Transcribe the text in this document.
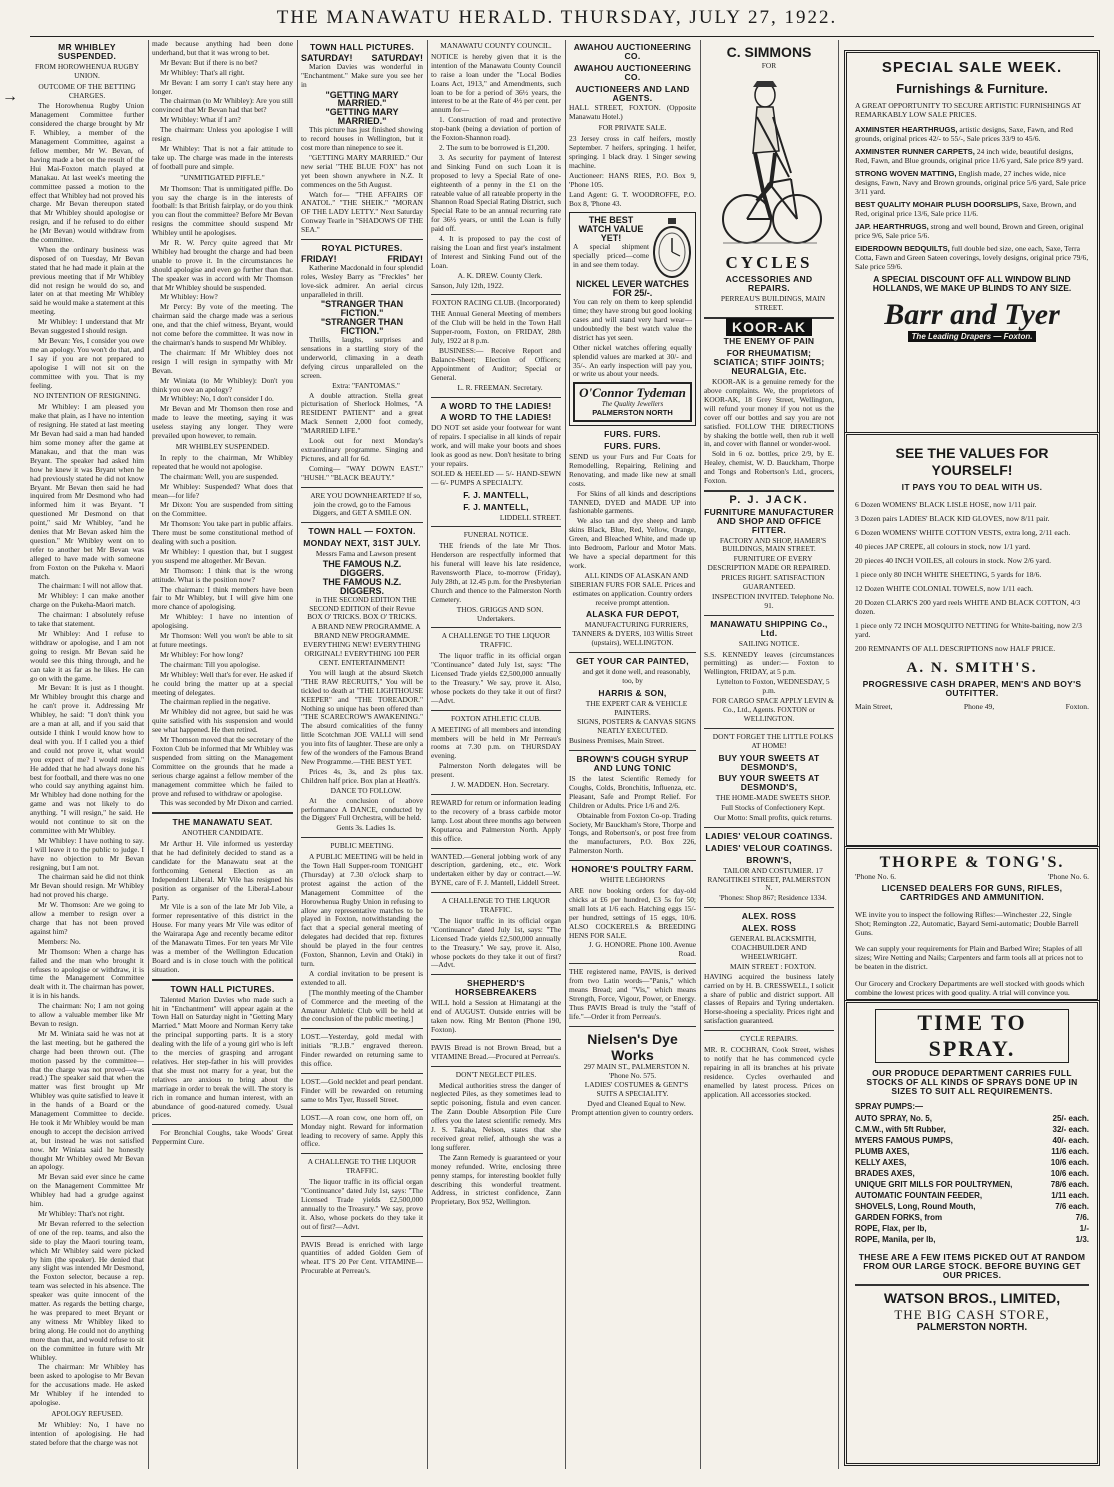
THE MANAWATU HERALD. THURSDAY, JULY 27, 1922.
→
MR WHIBLEY SUSPENDED.
FROM HOROWHENUA RUGBY UNION.
OUTCOME OF THE BETTING CHARGES.

The Horowhenua Rugby Union Management Committee further considered the charge brought by Mr F. Whibley, a member of the Management Committee, against a fellow member, Mr W. Bevan, of having made a bet on the result of the Hui Mai-Foxton match played at Manakau. At last week's meeting the committee passed a motion to the effect that Whibley had not proved his charge. Mr Bevan thereupon stated that Mr Whibley should apologise or resign, and if he refused to do either he (Mr Bevan) would withdraw from the committee.

When the ordinary business was disposed of on Tuesday, Mr Bevan stated that he had made it plain at the previous meeting that if Mr Whibley did not resign he would do so, and later on at that meeting Mr Whibley said he would make a statement at this meeting.

Mr Whibley: I understand that Mr Bevan suggested I should resign.

Mr Bevan: Yes, I consider you owe me an apology. You won't do that, and I say if you are not prepared to apologise I will not sit on the committee with you. That is my feeling.

NO INTENTION OF RESIGNING.

Mr Whibley: I am pleased you make that plain, as I have no intention of resigning. He stated at last meeting Mr Bevan had said a man had handed him some money after the game at Manakau, and that the man was Bryant. The speaker had asked him how he knew it was Bryant when he had previously stated he did not know Bryant. Mr Bevan then said he had inquired from Mr Desmond who had informed him it was Bryant. "I questioned Mr Desmond on that point," said Mr Whibley, "and he denies that Mr Bevan asked him the question." Mr Whibley went on to refer to another bet Mr Bevan was alleged to have made with someone from Foxton on the Pukeha v. Maori match.

The chairman: I will not allow that.

Mr Whibley: I can make another charge on the Pukeha-Maori match.

The chairman: I absolutely refuse to take that statement.

Mr Whibley: And I refuse to withdraw or apologise, and I am not going to resign. Mr Bevan said he would see this thing through, and he can take it as far as he likes. He can go on with the game.

Mr Bevan: It is just as I thought. Mr Whibley brought this charge and he can't prove it. Addressing Mr Whibley, he said: "I don't think you are a man at all, and if you said that outside I think I would know how to deal with you. If I called you a thief and could not prove it, what would you expect of me? I would resign." He added that he had always done his best for football, and there was no one who could say anything against him. Mr Whibley had done nothing for the game and was not likely to do anything. "I will resign," he said. He would not continue to sit on the committee with Mr Whibley.

Mr Whibley: I have nothing to say. I will leave it to the public to judge. I have no objection to Mr Bevan resigning, but I am not.

The chairman said he did not think Mr Bevan should resign. Mr Whibley had not proved his charge.

Mr W. Thomson: Are we going to allow a member to resign over a charge that has not been proved against him?

Members: No.

Mr Thomson: When a charge has failed and the man who brought it refuses to apologise or withdraw, it is time the Management Committee dealt with it. The chairman has power, it is in his hands.

The chairman: No; I am not going to allow a valuable member like Mr Bevan to resign.

Mr M. Winiata said he was not at the last meeting, but he gathered the charge had been thrown out. (The motion passed by the committee—that the charge was not proved—was read.) The speaker said that when the matter was first brought up Mr Whibley was quite satisfied to leave it in the hands of a Board or the Management Committee to decide. He took it Mr Whibley would be man enough to accept the decision arrived at, but instead he was not satisfied now. Mr Winiata said he honestly thought Mr Whibley owed Mr Bevan an apology.

Mr Bevan said ever since he came on the Management Committee Mr Whibley had had a grudge against him.

Mr Whibley: That's not right.

Mr Bevan referred to the selection of one of the rep. teams, and also the side to play the Maori touring team, which Mr Whibley said were picked by him (the speaker). He denied that any slight was intended Mr Desmond, the Foxton selector, because a rep. team was selected in his absence. The speaker was quite innocent of the matter. As regards the betting charge, he was prepared to meet Bryant or any witness Mr Whibley liked to bring along. He could not do anything more than that, and would refuse to sit on the committee in future with Mr Whibley.

The chairman: Mr Whibley has been asked to apologise to Mr Bevan for the accusations made. He asked Mr Whibley if he intended to apologise.

APOLOGY REFUSED.

Mr Whibley: No, I have no intention of apologising. He had stated before that the charge was not

made because anything had been done underhand, but that it was wrong to bet.

Mr Bevan: But if there is no bet?

Mr Whibley: That's all right.

Mr Bevan: I am sorry I can't stay here any longer.

The chairman (to Mr Whibley): Are you still convinced that Mr Bevan had that bet?

Mr Whibley: What if I am?

The chairman: Unless you apologise I will resign.

Mr Whibley: That is not a fair attitude to take up. The charge was made in the interests of football pure and simple.

"UNMITIGATED PIFFLE."

Mr Thomson: That is unmitigated piffle. Do you say the charge is in the interests of football: Is that British fairplay, or do you think you can flout the committee? Before Mr Bevan resigns the committee should suspend Mr Whibley until he apologises.

Mr R. W. Percy quite agreed that Mr Whibley had brought the charge and had been unable to prove it. In the circumstances he should apologise and even go further than that. The speaker was in accord with Mr Thomson that Mr Whibley should be suspended.

Mr Whibley: How?

Mr Percy: By vote of the meeting. The chairman said the charge made was a serious one, and that the chief witness, Bryant, would not come before the committee. It was now in the chairman's hands to suspend Mr Whibley.

The chairman: If Mr Whibley does not resign I will resign in sympathy with Mr Bevan.

Mr Winiata (to Mr Whibley): Don't you think you owe an apology?

Mr Whibley: No, I don't consider I do.

Mr Bevan and Mr Thomson then rose and made to leave the meeting, saying it was useless staying any longer. They were prevailed upon however, to remain.

MR WHIBLEY SUSPENDED.

In reply to the chairman, Mr Whibley repeated that he would not apologise.

The chairman: Well, you are suspended.

Mr Whibley: Suspended? What does that mean—for life?

Mr Dixon: You are suspended from sitting on the Committee.

Mr Thomson: You take part in public affairs. There must be some constitutional method of dealing with such a position.

Mr Whibley: I question that, but I suggest you suspend me altogether. Mr Bevan.

Mr Thomson: I think that is the wrong attitude. What is the position now?

The chairman: I think members have been fair to Mr Whibley, but I will give him one more chance of apologising.

Mr Whibley: I have no intention of apologising.

Mr Thomson: Well you won't be able to sit at future meetings.

Mr Whibley: For how long?

The chairman: Till you apologise.

Mr Whibley: Well that's for ever. He asked if he could bring the matter up at a special meeting of delegates.

The chairman replied in the negative.

Mr Whibley did not agree, but said he was quite satisfied with his suspension and would see what happened. He then retired.

Mr Thomson moved that the secretary of the Foxton Club be informed that Mr Whibley was suspended from sitting on the Management Committee on the grounds that he made a serious charge against a fellow member of the management committee which he failed to prove and refused to withdraw or apologise.

This was seconded by Mr Dixon and carried.

THE MANAWATU SEAT.
ANOTHER CANDIDATE.

Mr Arthur H. Vile informed us yesterday that he had definitely decided to stand as a candidate for the Manawatu seat at the forthcoming General Election as an Independent Liberal. Mr Vile has resigned his position as organiser of the Liberal-Labour Party.

Mr Vile is a son of the late Mr Job Vile, a former representative of this district in the House. For many years Mr Vile was editor of the Wairarapa Age and recently became editor of the Manawatu Times. For ten years Mr Vile was a member of the Wellington Education Board and is in close touch with the political situation.

TOWN HALL PICTURES.

Talented Marion Davies who made such a hit in "Enchantment" will appear again at the Town Hall on Saturday night in "Getting Mary Married." Matt Moore and Norman Kerry take the principal supporting parts. It is a story dealing with the life of a young girl who is left to the mercies of grasping and arrogant relatives. Her step-father in his will provides that she must not marry for a year, but the relatives are anxious to bring about the marriage in order to break the will. The story is rich in romance and human interest, with an abundance of good-natured comedy. Usual prices.

For Bronchial Coughs, take Woods' Great Peppermint Cure.

TOWN HALL PICTURES.
SATURDAY! SATURDAY!

Marion Davies was wonderful in "Enchantment." Make sure you see her in

"GETTING MARY MARRIED."
"GETTING MARY MARRIED."

This picture has just finished showing to record houses in Wellington, but it cost more than ninepence to see it.

"GETTING MARY MARRIED." Our new serial "THE BLUE FOX" has not yet been shown anywhere in N.Z. It commences on the 5th August.

Watch for— "THE AFFAIRS OF ANATOL." "THE SHEIK." "MORAN OF THE LADY LETTY." Next Saturday Conway Tearle in "SHADOWS OF THE SEA."

ROYAL PICTURES.
FRIDAY!	FRIDAY!

Katherine Macdonald in four splendid roles, Wesley Barry as "Freckles" her love-sick admirer. An aerial circus unparalleled in thrill.

"STRANGER THAN FICTION."
"STRANGER THAN FICTION."

Thrills, laughs, surprises and sensations in a startling story of the underworld, climaxing in a death defying circus unparalleled on the screen.

Extra: "FANTOMAS."

A double attraction. Stella great picturisation of Sherlock Holmes, "A RESIDENT PATIENT" and a great Mack Sennett 2,000 foot comedy, "MARRIED LIFE."

Look out for next Monday's extraordinary programme. Singing and Pictures, and all for 6d.

Coming— "WAY DOWN EAST." "HUSH." "BLACK BEAUTY."

ARE YOU DOWNHEARTED? If so, join the crowd, go to the Famous Diggers, and GET A SMILE ON.

TOWN HALL — FOXTON.
MONDAY NEXT, 31ST JULY.

Messrs Fama and Lawson present

THE FAMOUS N.Z. DIGGERS.
THE FAMOUS N.Z. DIGGERS.

in THE SECOND EDITION THE SECOND EDITION of their Revue BOX O' TRICKS. BOX O' TRICKS.

A BRAND NEW PROGRAMME. A BRAND NEW PROGRAMME. EVERYTHING NEW! EVERYTHING ORIGINAL! EVERYTHING 100 PER CENT. ENTERTAINMENT!

You will laugh at the absurd Sketch "THE RAW RECRUITS," You will be tickled to death at "THE LIGHTHOUSE KEEPER" and "THE TOREADOR." Nothing so unique has been offered than "THE SCARECROW'S AWAKENING." The absurd comicalities of the funny little Scotchman JOE VALLI will send you into fits of laughter. These are only a few of the wonders of the Famous Brand New Programme.—THE BEST YET.

Prices 4s, 3s, and 2s plus tax. Children half price. Box plan at Heath's.

DANCE TO FOLLOW.

At the conclusion of above performance A DANCE, conducted by the Diggers' Full Orchestra, will be held.

Gents 3s. Ladies 1s.

PUBLIC MEETING.

A PUBLIC MEETING will be held in the Town Hall Supper-room TONIGHT (Thursday) at 7.30 o'clock sharp to protest against the action of the Management Committee of the Horowhenua Rugby Union in refusing to allow any representative matches to be played in Foxton, notwithstanding the fact that a special general meeting of delegates had decided that rep. fixtures should be played in the four centres (Foxton, Shannon, Levin and Otaki) in turn.

A cordial invitation to be present is extended to all.

[The monthly meeting of the Chamber of Commerce and the meeting of the Amateur Athletic Club will be held at the conclusion of the public meeting.]

LOST.—Yesterday, gold medal with initials "R.J.B." engraved thereon. Finder rewarded on returning same to this office.

LOST.—Gold necklet and pearl pendant. Finder will be rewarded on returning same to Mrs Tyer, Russell Street.

LOST.—A roan cow, one horn off, on Monday night. Reward for information leading to recovery of same. Apply this office.

A CHALLENGE TO THE LIQUOR TRAFFIC.

The liquor traffic in its official organ "Continuance" dated July 1st, says: "The Licensed Trade yields £2,500,000 annually to the Treasury." We say, prove it. Also, whose pockets do they take it out of first?—Advt.

PAVIS Bread is enriched with large quantities of added Golden Gem of wheat. IT'S 20 Per Cent. VITAMINE—Procurable at Perreau's.

MANAWATU COUNTY COUNCIL.

NOTICE is hereby given that it is the intention of the Manawatu County Council to raise a loan under the "Local Bodies Loans Act, 1913," and Amendments, such loan to be for a period of 36½ years, the interest to be at the Rate of 4½ per cent. per annum for—

1. Construction of road and protective stop-bank (being a deviation of portion of the Foxton-Shannon road).

2. The sum to be borrowed is £1,200.

3. As security for payment of Interest and Sinking Fund on such Loan it is proposed to levy a Special Rate of one-eighteenth of a penny in the £1 on the rateable value of all rateable property in the Shannon Road Special Rating District, such Special Rate to be an annual recurring rate for 36½ years, or until the Loan is fully paid off.

4. It is proposed to pay the cost of raising the Loan and first year's instalment of Interest and Sinking Fund out of the Loan.

A. K. DREW. County Clerk.

Sanson, July 12th, 1922.

FOXTON RACING CLUB. (Incorporated)

THE Annual General Meeting of members of the Club will be held in the Town Hall Supper-room, Foxton, on FRIDAY, 28th July, 1922 at 8 p.m.

BUSINESS:— Receive Report and Balance-Sheet; Election of Officers; Appointment of Auditor; Special or General.

L. R. FREEMAN. Secretary.

A WORD TO THE LADIES!
A WORD TO THE LADIES!

DO NOT set aside your footwear for want of repairs. I specialise in all kinds of repair work, and will make your boots and shoes look as good as new. Don't hesitate to bring your repairs.

SOLED & HEELED — 5/- HAND-SEWN — 6/- PUMPS A SPECIALTY.

F. J. MANTELL,
F. J. MANTELL,

LIDDELL STREET.

FUNERAL NOTICE.

THE friends of the late Mr Thos. Henderson are respectfully informed that his funeral will leave his late residence, Ravensworth Place, to-morrow (Friday), July 28th, at 12.45 p.m. for the Presbyterian Church and thence to the Palmerston North Cemetery.

THOS. GRIGGS AND SON. Undertakers.

A CHALLENGE TO THE LIQUOR TRAFFIC.

The liquor traffic in its official organ "Continuance" dated July 1st, says: "The Licensed Trade yields £2,500,000 annually to the Treasury." We say, prove it. Also, whose pockets do they take it out of first?—Advt.

FOXTON ATHLETIC CLUB.

A MEETING of all members and intending members will be held in Mr Perreau's rooms at 7.30 p.m. on THURSDAY evening.

Palmerston North delegates will be present.

J. W. MADDEN. Hon. Secretary.

REWARD for return or information leading to the recovery of a brass carbide motor lamp. Lost about three months ago between Koputaroa and Palmerston North. Apply this office.

WANTED.—General jobbing work of any description, gardening, etc., etc. Work undertaken either by day or contract.—W. BYNE, care of F. J. Mantell, Liddell Street.

A CHALLENGE TO THE LIQUOR TRAFFIC.

The liquor traffic in its official organ "Continuance" dated July 1st, says: "The Licensed Trade yields £2,500,000 annually to the Treasury." We say, prove it. Also, whose pockets do they take it out of first?—Advt.

SHEPHERD'S HORSEBREAKERS

WILL hold a Session at Himatangi at the end of AUGUST. Outside entries will be taken now. Ring Mr Benton (Phone 190, Foxton).

PAVIS Bread is not Brown Bread, but a VITAMINE Bread.—Procured at Perreau's.

DON'T NEGLECT PILES.

Medical authorities stress the danger of neglected Piles, as they sometimes lead to septic poisoning, fistula and even cancer. The Zann Double Absorption Pile Cure offers you the latest scientific remedy. Mrs J. S. Takaha, Nelson, states that she received great relief, although she was a long sufferer.

The Zann Remedy is guaranteed or your money refunded. Write, enclosing three penny stamps, for interesting booklet fully describing this wonderful treatment. Address, in strictest confidence, Zann Proprietary, Box 952, Wellington.

AWAHOU AUCTIONEERING CO.
AWAHOU AUCTIONEERING CO.
AUCTIONEERS AND LAND AGENTS.

HALL STREET, FOXTON. (Opposite Manawatu Hotel.)

FOR PRIVATE SALE.

23 Jersey cross in calf heifers, mostly September. 7 heifers, springing. 1 heifer, springing. 1 black dray. 1 Singer sewing machine.

Auctioneer: HANS RIES, P.O. Box 9, 'Phone 105.

Land Agent: G. T. WOODROFFE, P.O. Box 8, 'Phone 43.

THE BEST WATCH VALUE YET!

A special shipment specially priced—come in and see them today.

NICKEL LEVER WATCHES FOR 25/-.

You can rely on them to keep splendid time; they have strong but good looking cases and will stand very hard wear—undoubtedly the best watch value the district has yet seen.

Other nickel watches offering equally splendid values are marked at 30/- and 35/-. An early inspection will pay you, or write us about your needs.

O'Connor Tydeman
The Quality Jewellers
PALMERSTON NORTH
FURS. FURS.
FURS. FURS.

SEND us your Furs and Fur Coats for Remodelling, Repairing, Relining and Renovating, and made like new at small costs.

For Skins of all kinds and descriptions TANNED, DYED and MADE UP into fashionable garments.

We also tan and dye sheep and lamb skins Black, Blue, Red, Yellow, Orange, Green, and Bleached White, and made up into Bedroom, Parlour and Motor Mats. We have a special department for this work.

ALL KINDS OF ALASKAN AND SIBERIAN FURS FOR SALE. Prices and estimates on application. Country orders receive prompt attention.

ALASKA FUR DEPOT,

MANUFACTURING FURRIERS, TANNERS & DYERS, 103 Willis Street (upstairs), WELLINGTON.

GET YOUR CAR PAINTED,

and get it done well, and reasonably, too, by

HARRIS & SON,

THE EXPERT CAR & VEHICLE PAINTERS.

SIGNS, POSTERS & CANVAS SIGNS NEATLY EXECUTED.

Business Premises, Main Street.

BROWN'S COUGH SYRUP AND LUNG TONIC

IS the latest Scientific Remedy for Coughs, Colds, Bronchitis, Influenza, etc. Pleasant, Safe and Prompt Relief. For Children or Adults. Price 1/6 and 2/6.

Obtainable from Foxton Co-op. Trading Society, Mr Bauckham's Store, Thorpe and Tongs, and Robertson's, or post free from the manufacturers, P.O. Box 226, Palmerston North.

HONORE'S POULTRY FARM.
WHITE LEGHORNS

ARE now booking orders for day-old chicks at £6 per hundred, £3 5s for 50; small lots at 1/6 each. Hatching eggs 15/- per hundred, settings of 15 eggs, 10/6. ALSO COCKERELS & BREEDING HENS FOR SALE.

J. G. HONORE. Phone 100. Avenue Road.

THE registered name, PAVIS, is derived from two Latin words—"Panis," which means Bread; and "Vis," which means Strength, Force, Vigour, Power, or Energy. Thus PAVIS Bread is truly the "staff of life."—Order it from Perreau's.

Nielsen's Dye Works

297 MAIN ST., PALMERSTON N. 'Phone No. 575.

LADIES' COSTUMES & GENT'S SUITS A SPECIALITY.

Dyed and Cleaned Equal to New. Prompt attention given to country orders.

C. SIMMONS
FOR
CYCLES
ACCESSORIES AND REPAIRS.

PERREAU'S BUILDINGS, MAIN STREET.

KOOR-AK
THE ENEMY OF PAIN
FOR RHEUMATISM; SCIATICA; STIFF JOINTS; NEURALGIA, Etc.

KOOR-AK is a genuine remedy for the above complaints. We, the proprietors of KOOR-AK, 18 Grey Street, Wellington, will refund your money if you not us the cover off our bottles and say you are not satisfied. FOLLOW THE DIRECTIONS by shaking the bottle well, then rub it well in, and cover with flannel or wonder-wool.

Sold in 6 oz. bottles, price 2/9, by E. Healey, chemist, W. D. Bauckham, Thorpe and Tongs and Robertson's Ltd., grocers, Foxton.

P. J. JACK.
FURNITURE MANUFACTURER AND SHOP AND OFFICE FITTER.

FACTORY AND SHOP, HAMER'S BUILDINGS, MAIN STREET.

FURNITURE OF EVERY DESCRIPTION MADE OR REPAIRED.

PRICES RIGHT. SATISFACTION GUARANTEED.

INSPECTION INVITED. Telephone No. 91.

MANAWATU SHIPPING Co., Ltd.
SAILING NOTICE.

S.S. KENNEDY leaves (circumstances permitting) as under:— Foxton to Wellington, FRIDAY, at 5 p.m.

Lyttelton to Foxton, WEDNESDAY, 5 p.m.

FOR CARGO SPACE APPLY LEVIN & Co., Ltd., Agents. FOXTON or WELLINGTON.

DON'T FORGET THE LITTLE FOLKS AT HOME!

BUY YOUR SWEETS AT DESMOND'S,
BUY YOUR SWEETS AT DESMOND'S,

THE HOME-MADE SWEETS SHOP.

Full Stocks of Confectionery Kept.

Our Motto: Small profits, quick returns.

LADIES' VELOUR COATINGS.
LADIES' VELOUR COATINGS.
BROWN'S,

TAILOR AND COSTUMIER. 17 RANGITIKEI STREET, PALMERSTON N.

'Phones: Shop 867; Residence 1334.

ALEX. ROSS
ALEX. ROSS

GENERAL BLACKSMITH, COACHBUILDER AND WHEELWRIGHT.

MAIN STREET : FOXTON.

HAVING acquired the business lately carried on by H. B. CRESSWELL, I solicit a share of public and district support. All classes of Repairs and Tyring undertaken. Horse-shoeing a speciality. Prices right and satisfaction guaranteed.

CYCLE REPAIRS.

MR. R. COCHRAN, Cook Street, wishes to notify that he has commenced cycle repairing in all its branches at his private residence. Cycles overhauled and enamelled by latest process. Prices on application. All accessories stocked.

SPECIAL SALE WEEK.
Furnishings & Furniture.

A GREAT OPPORTUNITY TO SECURE ARTISTIC FURNISHINGS AT REMARKABLY LOW SALE PRICES.

AXMINSTER HEARTHRUGS, artistic designs, Saxe, Fawn, and Red grounds, original prices 42/- to 55/-, Sale prices 33/9 to 45/6.

AXMINSTER RUNNER CARPETS, 24 inch wide, beautiful designs, Red, Fawn, and Blue grounds, original price 11/6 yard, Sale price 8/9 yard.

STRONG WOVEN MATTING, English made, 27 inches wide, nice designs, Fawn, Navy and Brown grounds, original price 5/6 yard, Sale price 3/11 yard.

BEST QUALITY MOHAIR PLUSH DOORSLIPS, Saxe, Brown, and Red, original price 13/6, Sale price 11/6.

JAP. HEARTHRUGS, strong and well bound, Brown and Green, original price 9/6, Sale price 5/6.

EIDERDOWN BEDQUILTS, full double bed size, one each, Saxe, Terra Cotta, Fawn and Green Sateen coverings, lovely designs, original price 79/6, Sale price 59/6.

A SPECIAL DISCOUNT OFF ALL WINDOW BLIND HOLLANDS, WE MAKE UP BLINDS TO ANY SIZE.
Barr and Tyer
The Leading Drapers — Foxton.
SEE THE VALUES FOR YOURSELF!
IT PAYS YOU TO DEAL WITH US.

6 Dozen WOMENS' BLACK LISLE HOSE, now 1/11 pair.

3 Dozen pairs LADIES' BLACK KID GLOVES, now 8/11 pair.

6 Dozen WOMENS' WHITE COTTON VESTS, extra long, 2/11 each.

40 pieces JAP CREPE, all colours in stock, now 1/1 yard.

20 pieces 40 INCH VOILES, all colours in stock. Now 2/6 yard.

1 piece only 80 INCH WHITE SHEETING, 5 yards for 18/6.

12 Dozen WHITE COLONIAL TOWELS, now 1/11 each.

20 Dozen CLARK'S 200 yard reels WHITE AND BLACK COTTON, 4/3 dozen.

1 piece only 72 INCH MOSQUITO NETTING for White-baiting, now 2/3 yard.

200 REMNANTS OF ALL DESCRIPTIONS now HALF PRICE.

A. N. SMITH'S.
PROGRESSIVE CASH DRAPER, MEN'S AND BOY'S OUTFITTER.
Main Street,	Phone 49,	Foxton.
THORPE & TONG'S.
'Phone No. 6.	'Phone No. 6.
LICENSED DEALERS FOR GUNS, RIFLES, CARTRIDGES AND AMMUNITION.

WE invite you to inspect the following Rifles:—Winchester .22, Single Shot; Remington .22, Automatic, Bayard Semi-automatic; Double Barrell Guns.

We can supply your requirements for Plain and Barbed Wire; Staples of all sizes; Wire Netting and Nails; Carpenters and farm tools all at prices not to be beaten in the district.

Our Grocery and Crockery Departments are well stocked with goods which combine the lowest prices with good quality. A trial will convince you.

TIME TO SPRAY.
OUR PRODUCE DEPARTMENT CARRIES FULL STOCKS OF ALL KINDS OF SPRAYS DONE UP IN SIZES TO SUIT ALL REQUIREMENTS.
SPRAY PUMPS:—
AUTO SPRAY, No. 5,	25/- each.
C.M.W., with 5ft Rubber,	32/- each.
MYERS FAMOUS PUMPS,	40/- each.
PLUMB AXES,	11/6 each.
KELLY AXES,	10/6 each.
BRADES AXES,	10/6 each.
UNIQUE GRIT MILLS FOR POULTRYMEN,	78/6 each.
AUTOMATIC FOUNTAIN FEEDER,	1/11 each.
SHOVELS, Long, Round Mouth,	7/6 each.
GARDEN FORKS, from	7/6.
ROPE, Flax, per lb,	1/-
ROPE, Manila, per lb,	1/3.
THESE ARE A FEW ITEMS PICKED OUT AT RANDOM FROM OUR LARGE STOCK. BEFORE BUYING GET OUR PRICES.
WATSON BROS., LIMITED,
THE BIG CASH STORE,
PALMERSTON NORTH.
